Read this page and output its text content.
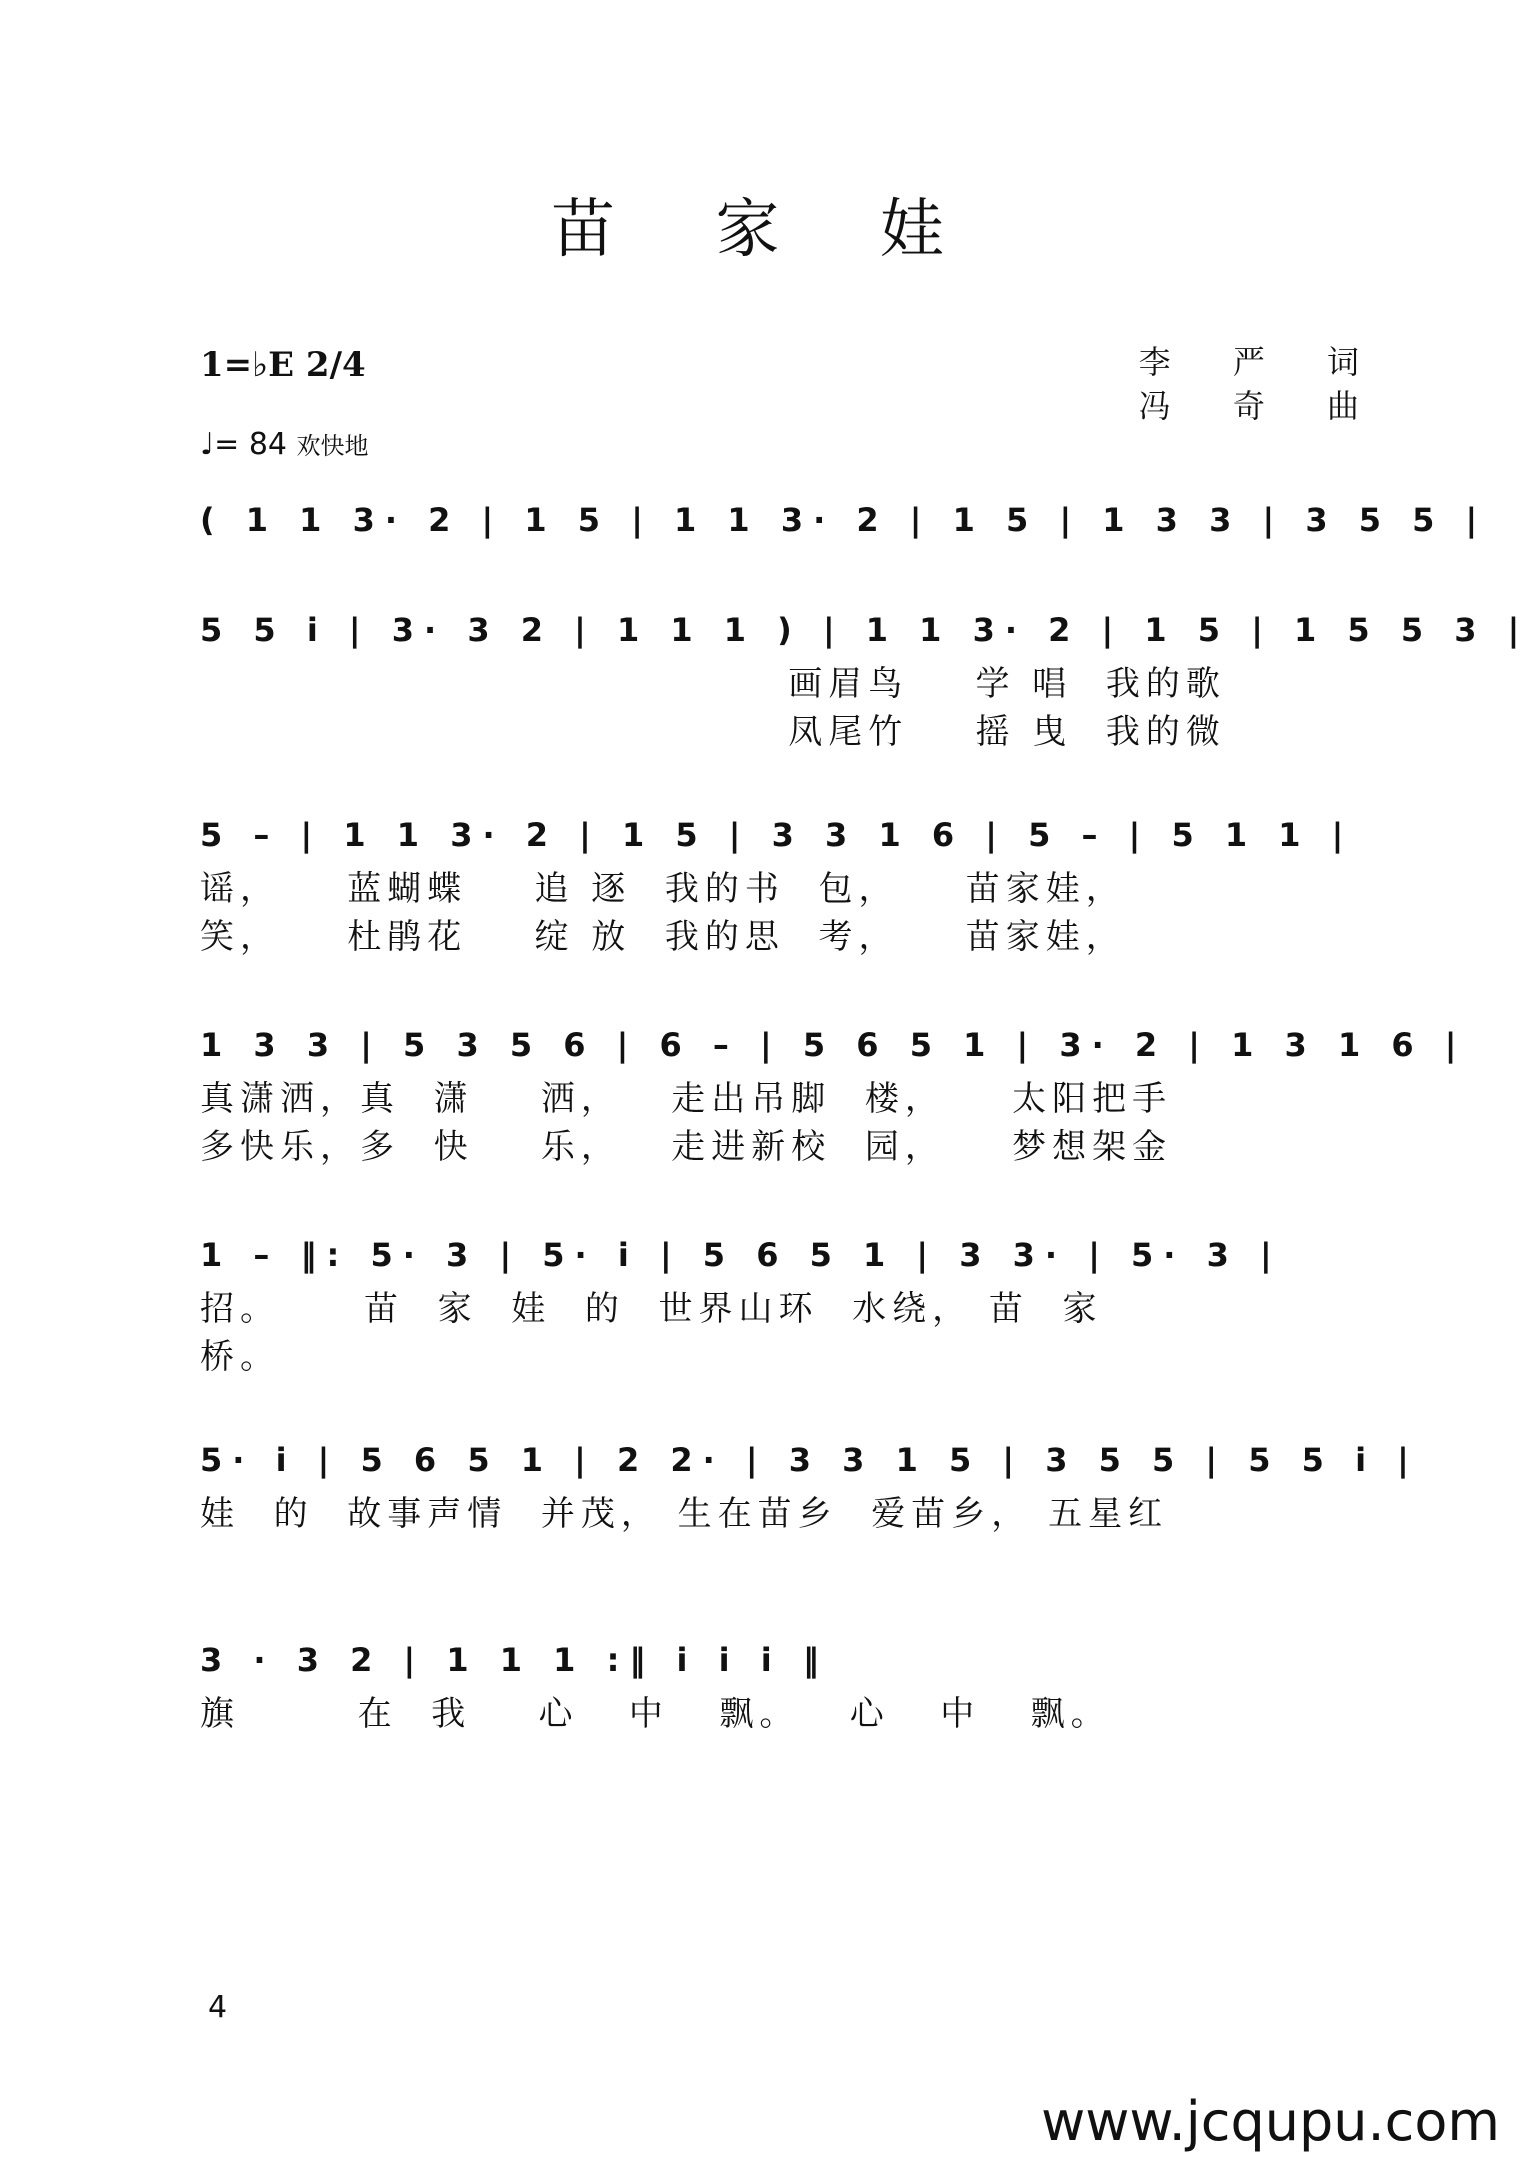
苗 家 娃
1=♭E 2/4
♩= 84 欢快地
李 严 词
冯 奇 曲
( 1 1 3· 2 | 1 5 | 1 1 3· 2 | 1 5 | 1 3 3 | 3 5 5 |
5 5 i | 3· 3 2 | 1 1 1 ) | 1 1 3· 2 | 1 5 | 1 5 5 3 |
画眉鸟    学 唱  我的歌
凤尾竹    摇 曳  我的微
5 – | 1 1 3· 2 | 1 5 | 3 3 1 6 | 5 – | 5 1 1 |
谣，    蓝蝴蝶    追 逐  我的书  包，    苗家娃，
笑，    杜鹃花    绽 放  我的思  考，    苗家娃，
1 3 3 | 5 3 5 6 | 6 – | 5 6 5 1 | 3· 2 | 1 3 1 6 |
真潇洒，真  潇    洒，   走出吊脚  楼，    太阳把手
多快乐，多  快    乐，   走进新校  园，    梦想架金
1 – ‖: 5· 3 | 5· i | 5 6 5 1 | 3 3· | 5· 3 |
招。     苗  家  娃  的  世界山环  水绕， 苗  家
桥。
5· i | 5 6 5 1 | 2 2· | 3 3 1 5 | 3 5 5 | 5 5 i |
娃  的  故事声情  并茂， 生在苗乡  爱苗乡， 五星红
3 · 3 2 | 1 1 1 :‖ i i i ‖
旗       在  我    心   中   飘。   心   中   飘。
4
www.jcqupu.com
